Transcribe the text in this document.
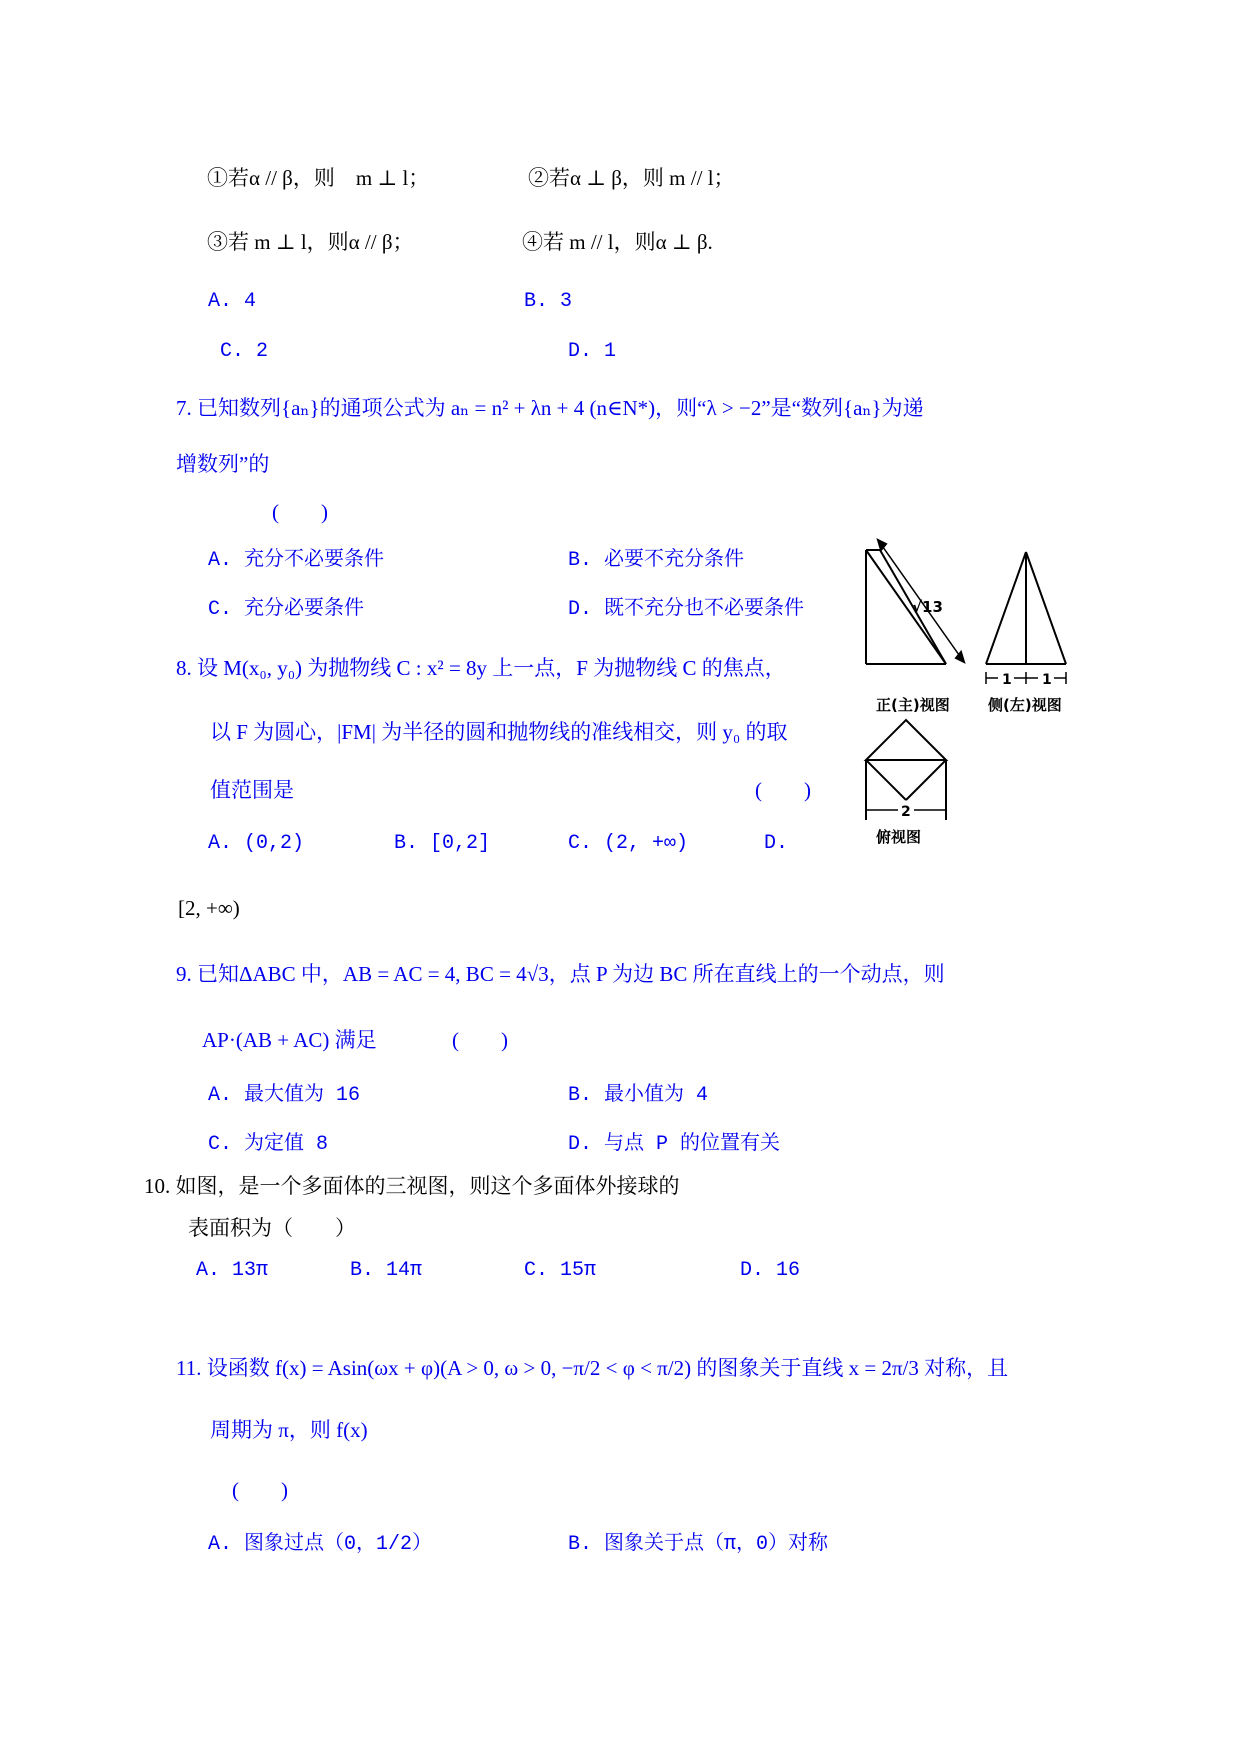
①若α // β，则　m ⊥ l；	②若α ⊥ β，则 m // l；
③若 m ⊥ l，则α // β；	④若 m // l，则α ⊥ β.
A. 4	B. 3
C. 2	D. 1
7. 已知数列{aₙ}的通项公式为 aₙ = n² + λn + 4 (n∈N*)，则“λ > −2”是“数列{aₙ}为递
增数列”的
(　　)
A. 充分不必要条件	B. 必要不充分条件
C. 充分必要条件	D. 既不充分也不必要条件
8. 设 M(x₀, y₀) 为抛物线 C : x² = 8y 上一点，F 为抛物线 C 的焦点，
以 F 为圆心，|FM| 为半径的圆和抛物线的准线相交，则 y₀ 的取
值范围是	(　　)
A. (0,2)	B. [0,2]	C. (2, +∞)	D.
[2, +∞)
9. 已知ΔABC 中，AB = AC = 4, BC = 4√3，点 P 为边 BC 所在直线上的一个动点，则
AP·(AB + AC) 满足	(　　)
A. 最大值为 16	B. 最小值为 4
C. 为定值 8	D. 与点 P 的位置有关
10. 如图，是一个多面体的三视图，则这个多面体外接球的
表面积为（　　）
A. 13π	B. 14π	C. 15π	D. 16
11. 设函数 f(x) = Asin(ωx + φ)(A > 0, ω > 0, −π/2 < φ < π/2) 的图象关于直线 x = 2π/3 对称，且
周期为 π，则 f(x)
(　　)
A. 图象过点（0，1/2）	B. 图象关于点（π，0）对称
√13
正(主)视图
1 1
侧(左)视图
2
俯视图
